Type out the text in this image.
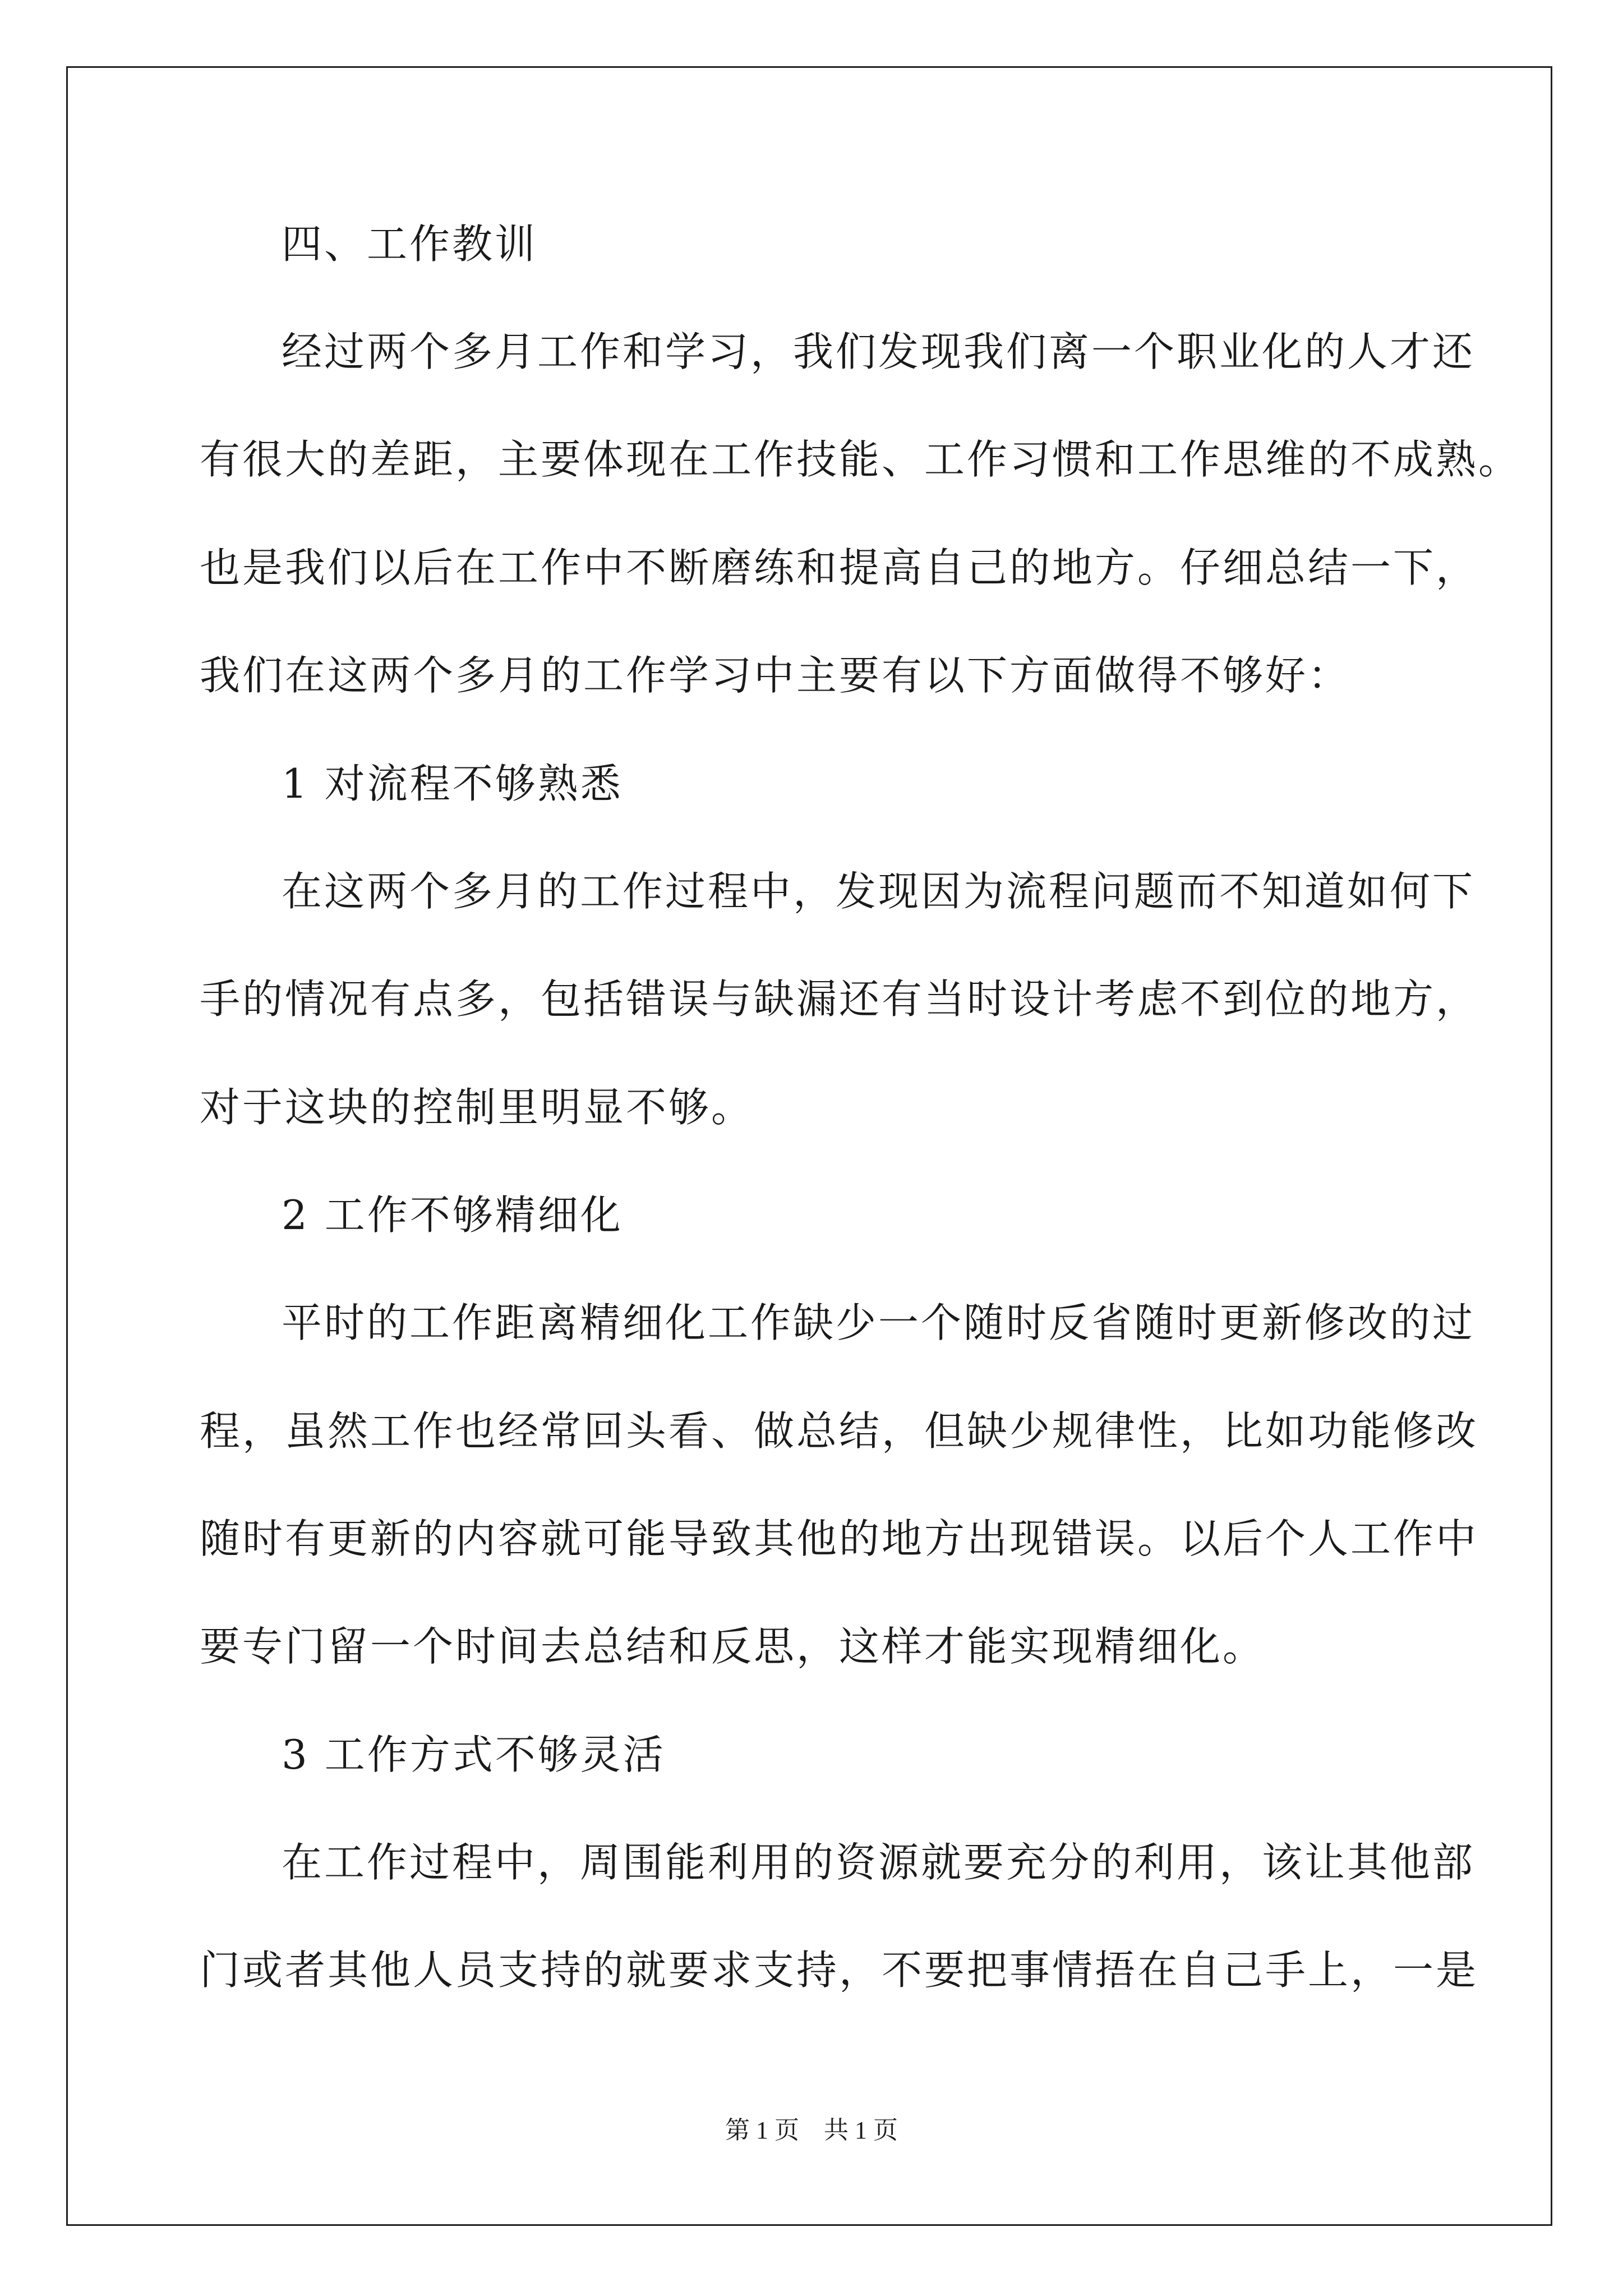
四、工作教训
经过两个多月工作和学习，我们发现我们离一个职业化的人才还
有很大的差距，主要体现在工作技能、工作习惯和工作思维的不成熟。
也是我们以后在工作中不断磨练和提高自己的地方。仔细总结一下，
我们在这两个多月的工作学习中主要有以下方面做得不够好：
1 对流程不够熟悉
在这两个多月的工作过程中，发现因为流程问题而不知道如何下
手的情况有点多，包括错误与缺漏还有当时设计考虑不到位的地方，
对于这块的控制里明显不够。
2 工作不够精细化
平时的工作距离精细化工作缺少一个随时反省随时更新修改的过
程，虽然工作也经常回头看、做总结，但缺少规律性，比如功能修改
随时有更新的内容就可能导致其他的地方出现错误。以后个人工作中
要专门留一个时间去总结和反思，这样才能实现精细化。
3 工作方式不够灵活
在工作过程中，周围能利用的资源就要充分的利用，该让其他部
门或者其他人员支持的就要求支持，不要把事情捂在自己手上，一是
第 1 页　共 1 页
